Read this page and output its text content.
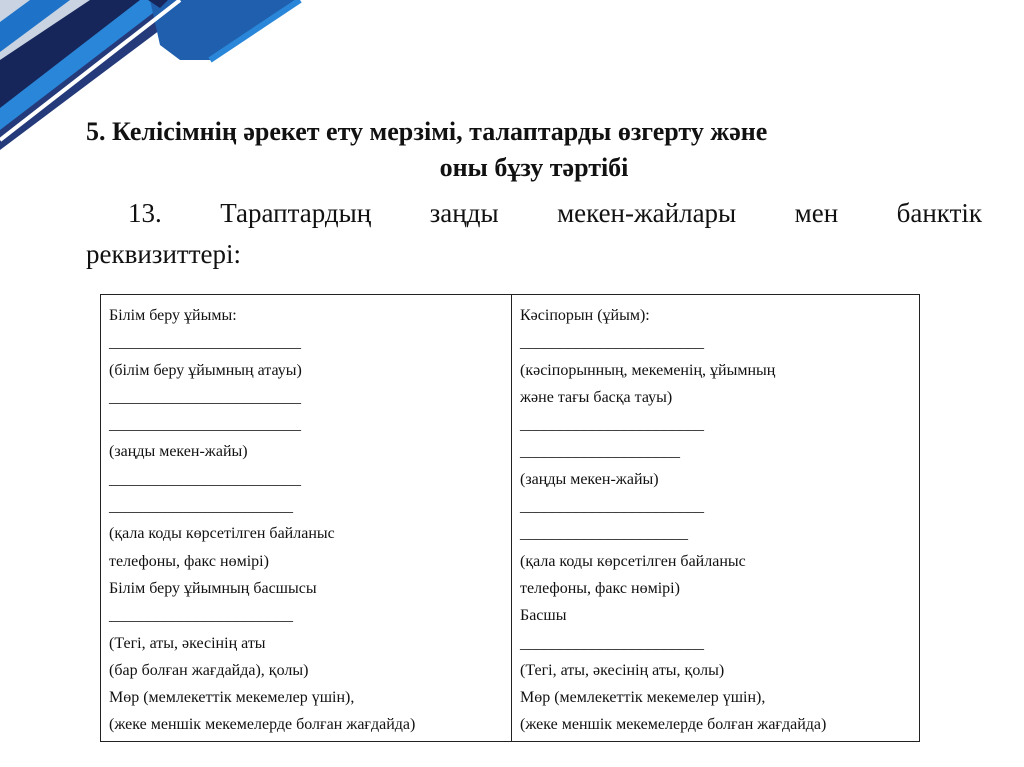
5. Келісімнің әрекет ету мерзімі, талаптарды өзгерту және
оны бұзу тәртібі
13. Тараптардың заңды мекен-жайлары мен банктік
реквизиттері:
Білім беру ұйымы:
________________________
(білім беру ұйымның атауы)
________________________
________________________
(заңды мекен-жайы)
________________________
_______________________
(қала коды көрсетілген байланыс
телефоны, факс нөмірі)
Білім беру ұйымның басшысы
_______________________
(Тегі, аты, әкесінің аты
(бар болған жағдайда), қолы)
Мөр (мемлекеттік мекемелер үшін),
(жеке меншік мекемелерде болған жағдайда)
Кәсіпорын (ұйым):
_______________________
(кәсіпорынның, мекеменің, ұйымның
және тағы басқа тауы)
_______________________
____________________
(заңды мекен-жайы)
_______________________
_____________________
(қала коды көрсетілген байланыс
телефоны, факс нөмірі)
Басшы
_______________________
(Тегі, аты, әкесінің аты, қолы)
Мөр (мемлекеттік мекемелер үшін),
(жеке меншік мекемелерде болған жағдайда)
